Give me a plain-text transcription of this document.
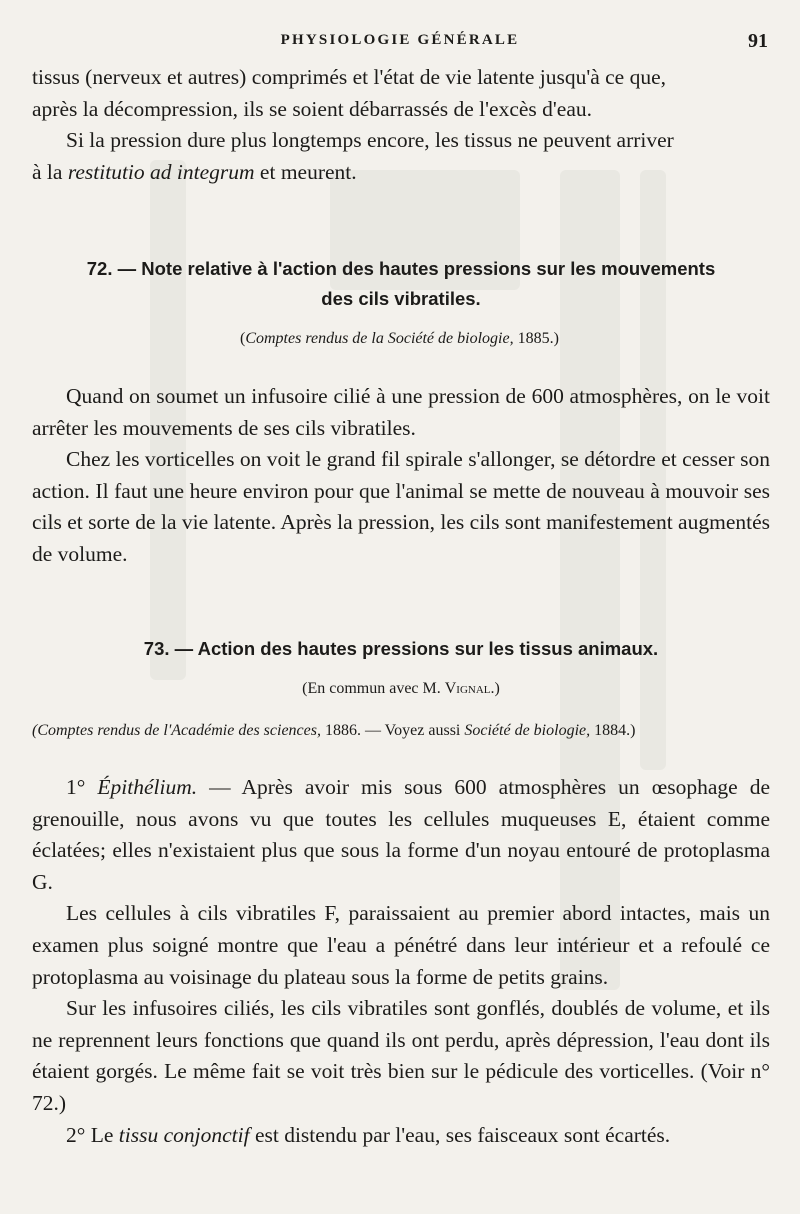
PHYSIOLOGIE GÉNÉRALE	91

tissus (nerveux et autres) comprimés et l'état de vie latente jusqu'à ce que,
après la décompression, ils se soient débarrassés de l'excès d'eau.

Si la pression dure plus longtemps encore, les tissus ne peuvent arriver
à la restitutio ad integrum et meurent.

72. — Note relative à l'action des hautes pressions sur les mouvements
des cils vibratiles.
(Comptes rendus de la Société de biologie, 1885.)

Quand on soumet un infusoire cilié à une pression de 600 atmosphères, on le voit arrêter les mouvements de ses cils vibratiles.

Chez les vorticelles on voit le grand fil spirale s'allonger, se détordre et cesser son action. Il faut une heure environ pour que l'animal se mette de nouveau à mouvoir ses cils et sorte de la vie latente. Après la pression, les cils sont manifestement augmentés de volume.

73. — Action des hautes pressions sur les tissus animaux.
(En commun avec M. Vignal.)
(Comptes rendus de l'Académie des sciences, 1886. — Voyez aussi Société de biologie, 1884.)

1° Épithélium. — Après avoir mis sous 600 atmosphères un œsophage de grenouille, nous avons vu que toutes les cellules muqueuses E, étaient comme éclatées; elles n'existaient plus que sous la forme d'un noyau entouré de protoplasma G.

Les cellules à cils vibratiles F, paraissaient au premier abord intactes, mais un examen plus soigné montre que l'eau a pénétré dans leur intérieur et a refoulé ce protoplasma au voisinage du plateau sous la forme de petits grains.

Sur les infusoires ciliés, les cils vibratiles sont gonflés, doublés de volume, et ils ne reprennent leurs fonctions que quand ils ont perdu, après dépression, l'eau dont ils étaient gorgés. Le même fait se voit très bien sur le pédicule des vorticelles. (Voir n° 72.)

2° Le tissu conjonctif est distendu par l'eau, ses faisceaux sont écartés.
